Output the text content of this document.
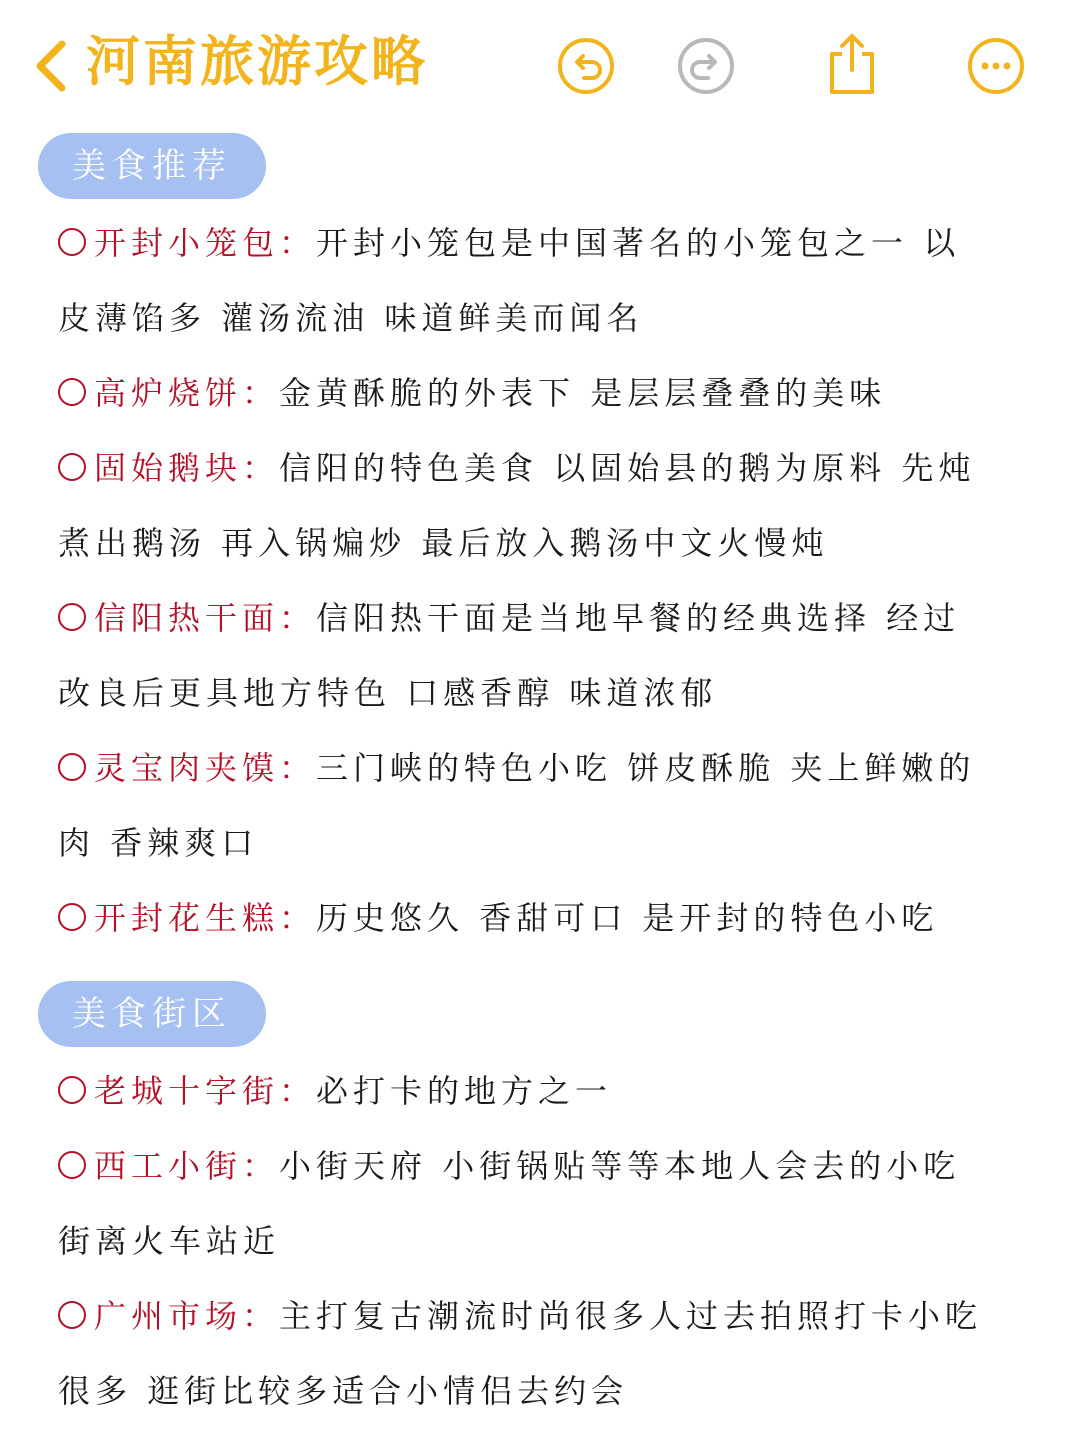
河南旅游攻略
美食推荐
开封小笼包：开封小笼包是中国著名的小笼包之一 以
皮薄馅多 灌汤流油 味道鲜美而闻名
高炉烧饼：金黄酥脆的外表下 是层层叠叠的美味
固始鹅块：信阳的特色美食 以固始县的鹅为原料 先炖
煮出鹅汤 再入锅煸炒 最后放入鹅汤中文火慢炖
信阳热干面：信阳热干面是当地早餐的经典选择 经过
改良后更具地方特色 口感香醇 味道浓郁
灵宝肉夹馍：三门峡的特色小吃 饼皮酥脆 夹上鲜嫩的
肉 香辣爽口
开封花生糕：历史悠久 香甜可口 是开封的特色小吃
美食街区
老城十字街：必打卡的地方之一
西工小街：小街天府 小街锅贴等等本地人会去的小吃
街离火车站近
广州市场：主打复古潮流时尚很多人过去拍照打卡小吃
很多 逛街比较多适合小情侣去约会
